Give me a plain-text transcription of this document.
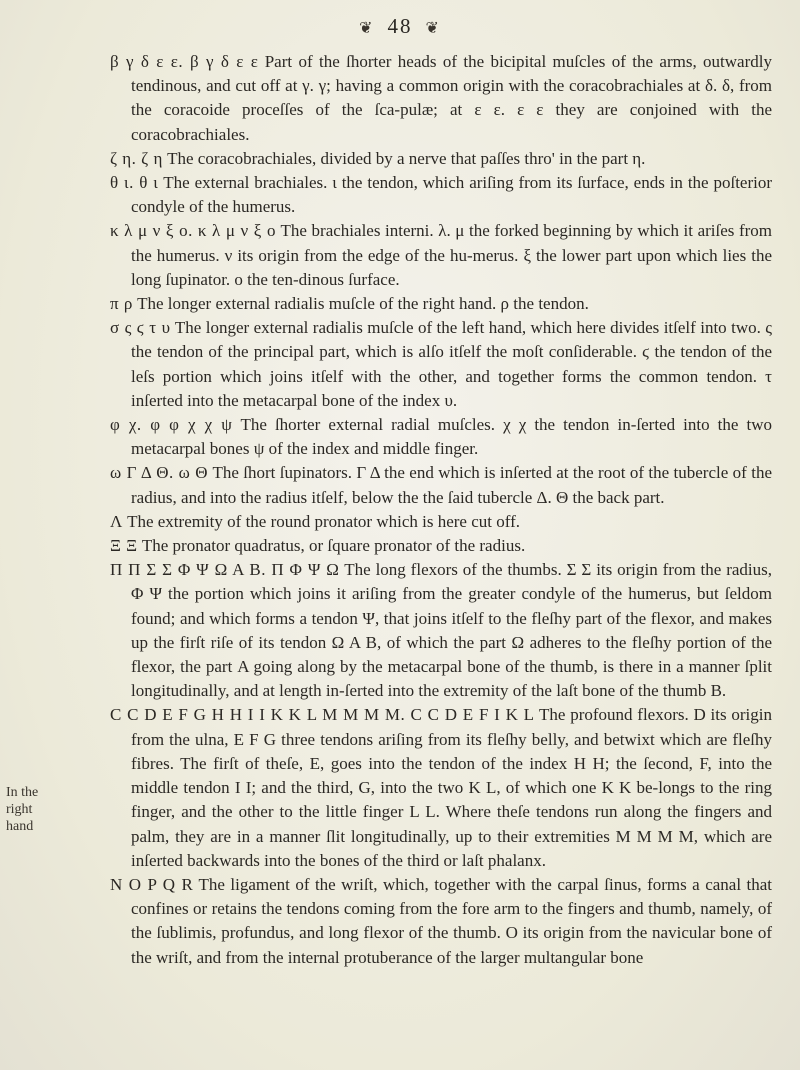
❦ 48 ❦
In the
right
hand

β γ δ ε ε. β γ δ ε ε Part of the ſhorter heads of the bicipital muſcles of the arms, outwardly tendinous, and cut off at γ. γ; having a common origin with the coracobrachiales at δ. δ, from the coracoide proceſſes of the ſca-pulæ; at ε ε. ε ε they are conjoined with the coracobrachiales.

ζ η. ζ η The coracobrachiales, divided by a nerve that paſſes thro' in the part η.

θ ι. θ ι The external brachiales. ι the tendon, which ariſing from its ſurface, ends in the poſterior condyle of the humerus.

κ λ μ ν ξ ο. κ λ μ ν ξ ο The brachiales interni. λ. μ the forked beginning by which it ariſes from the humerus. ν its origin from the edge of the hu-merus. ξ the lower part upon which lies the long ſupinator. ο the ten-dinous ſurface.

π ρ The longer external radialis muſcle of the right hand. ρ the tendon.

σ ς ϛ τ υ The longer external radialis muſcle of the left hand, which here divides itſelf into two. ς the tendon of the principal part, which is alſo itſelf the moſt conſiderable. ϛ the tendon of the leſs portion which joins itſelf with the other, and together forms the common tendon. τ inſerted into the metacarpal bone of the index υ.

φ χ. φ φ χ χ ψ The ſhorter external radial muſcles. χ χ the tendon in-ſerted into the two metacarpal bones ψ of the index and middle finger.

ω Γ Δ Θ. ω Θ The ſhort ſupinators. Γ Δ the end which is inſerted at the root of the tubercle of the radius, and into the radius itſelf, below the the ſaid tubercle Δ. Θ the back part.

Λ The extremity of the round pronator which is here cut off.

Ξ Ξ The pronator quadratus, or ſquare pronator of the radius.

Π Π Σ Σ Φ Ψ Ω Α Β. Π Φ Ψ Ω The long flexors of the thumbs. Σ Σ its origin from the radius, Φ Ψ the portion which joins it ariſing from the greater condyle of the humerus, but ſeldom found; and which forms a tendon Ψ, that joins itſelf to the fleſhy part of the flexor, and makes up the firſt riſe of its tendon Ω Α Β, of which the part Ω adheres to the fleſhy portion of the flexor, the part Α going along by the metacarpal bone of the thumb, is there in a manner ſplit longitudinally, and at length in-ſerted into the extremity of the laſt bone of the thumb Β.

C C D E F G H H I I K K L M M M M. C C D E F I K L The profound flexors. D its origin from the ulna, E F G three tendons ariſing from its fleſhy belly, and betwixt which are fleſhy fibres. The firſt of theſe, E, goes into the tendon of the index H H; the ſecond, F, into the middle tendon I I; and the third, G, into the two K L, of which one K K be-longs to the ring finger, and the other to the little finger L L. Where theſe tendons run along the fingers and palm, they are in a manner ſlit longitudinally, up to their extremities M M M M, which are inſerted backwards into the bones of the third or laſt phalanx.

N O P Q R The ligament of the wriſt, which, together with the carpal ſinus, forms a canal that confines or retains the tendons coming from the fore arm to the fingers and thumb, namely, of the ſublimis, profundus, and long flexor of the thumb. O its origin from the navicular bone of the wriſt, and from the internal protuberance of the larger multangular bone
